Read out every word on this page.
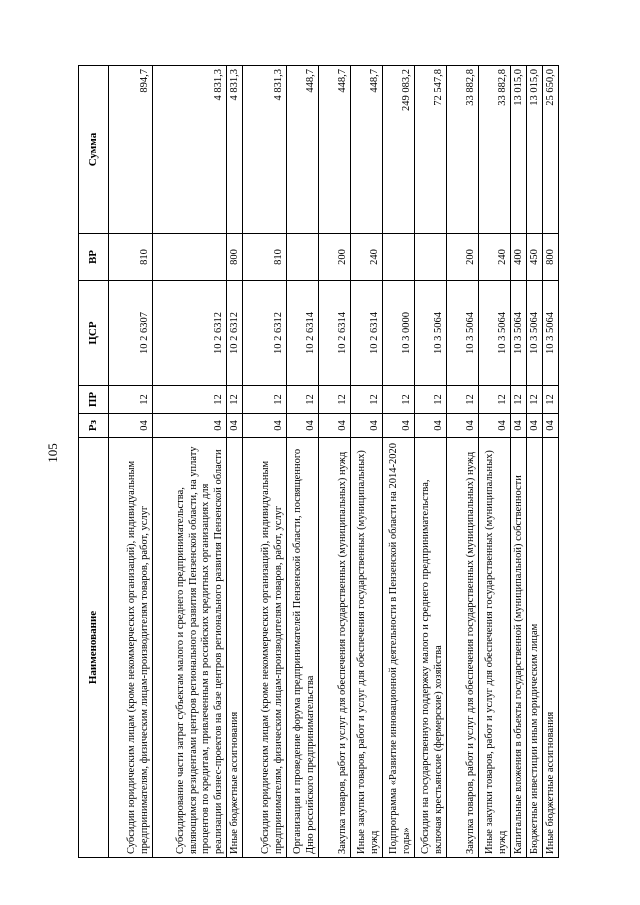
105
Наименование	Рз	ПР	ЦСР	ВР	Сумма
Субсидии юридическим лицам (кроме некоммерческих организаций), индивидуальным предпринимателям, физическим лицам-производителям товаров, работ, услуг	04	12	10 2 6307	810	894,7
Субсидирование части затрат субъектам малого и среднего предпринимательства, являющимся резидентами центров регионального развития Пензенской области, на уплату процентов по кредитам, привлеченным в российских кредитных организациях для реализации бизнес-проектов на базе центров регионального развития Пензенской области	04	12	10 2 6312		4 831,3
Иные бюджетные ассигнования	04	12	10 2 6312	800	4 831,3
Субсидии юридическим лицам (кроме некоммерческих организаций), индивидуальным предпринимателям, физическим лицам-производителям товаров, работ, услуг	04	12	10 2 6312	810	4 831,3
Организация и проведение форума предпринимателей Пензенской области, посвященного Дню российского предпринимательства	04	12	10 2 6314		448,7
Закупка товаров, работ и услуг для обеспечения государственных (муниципальных) нужд	04	12	10 2 6314	200	448,7
Иные закупки товаров, работ и услуг для обеспечения государственных (муниципальных) нужд	04	12	10 2 6314	240	448,7
Подпрограмма «Развитие инновационной деятельности в Пензенской области на 2014-2020 годы»	04	12	10 3 0000		249 083,2
Субсидии на государственную поддержку малого и среднего предпринимательства, включая крестьянские (фермерские) хозяйства	04	12	10 3 5064		72 547,8
Закупка товаров, работ и услуг для обеспечения государственных (муниципальных) нужд	04	12	10 3 5064	200	33 882,8
Иные закупки товаров, работ и услуг для обеспечения государственных (муниципальных) нужд	04	12	10 3 5064	240	33 882,8
Капитальные вложения в объекты государственной (муниципальной) собственности	04	12	10 3 5064	400	13 015,0
Бюджетные инвестиции иным юридическим лицам	04	12	10 3 5064	450	13 015,0
Иные бюджетные ассигнования	04	12	10 3 5064	800	25 650,0
